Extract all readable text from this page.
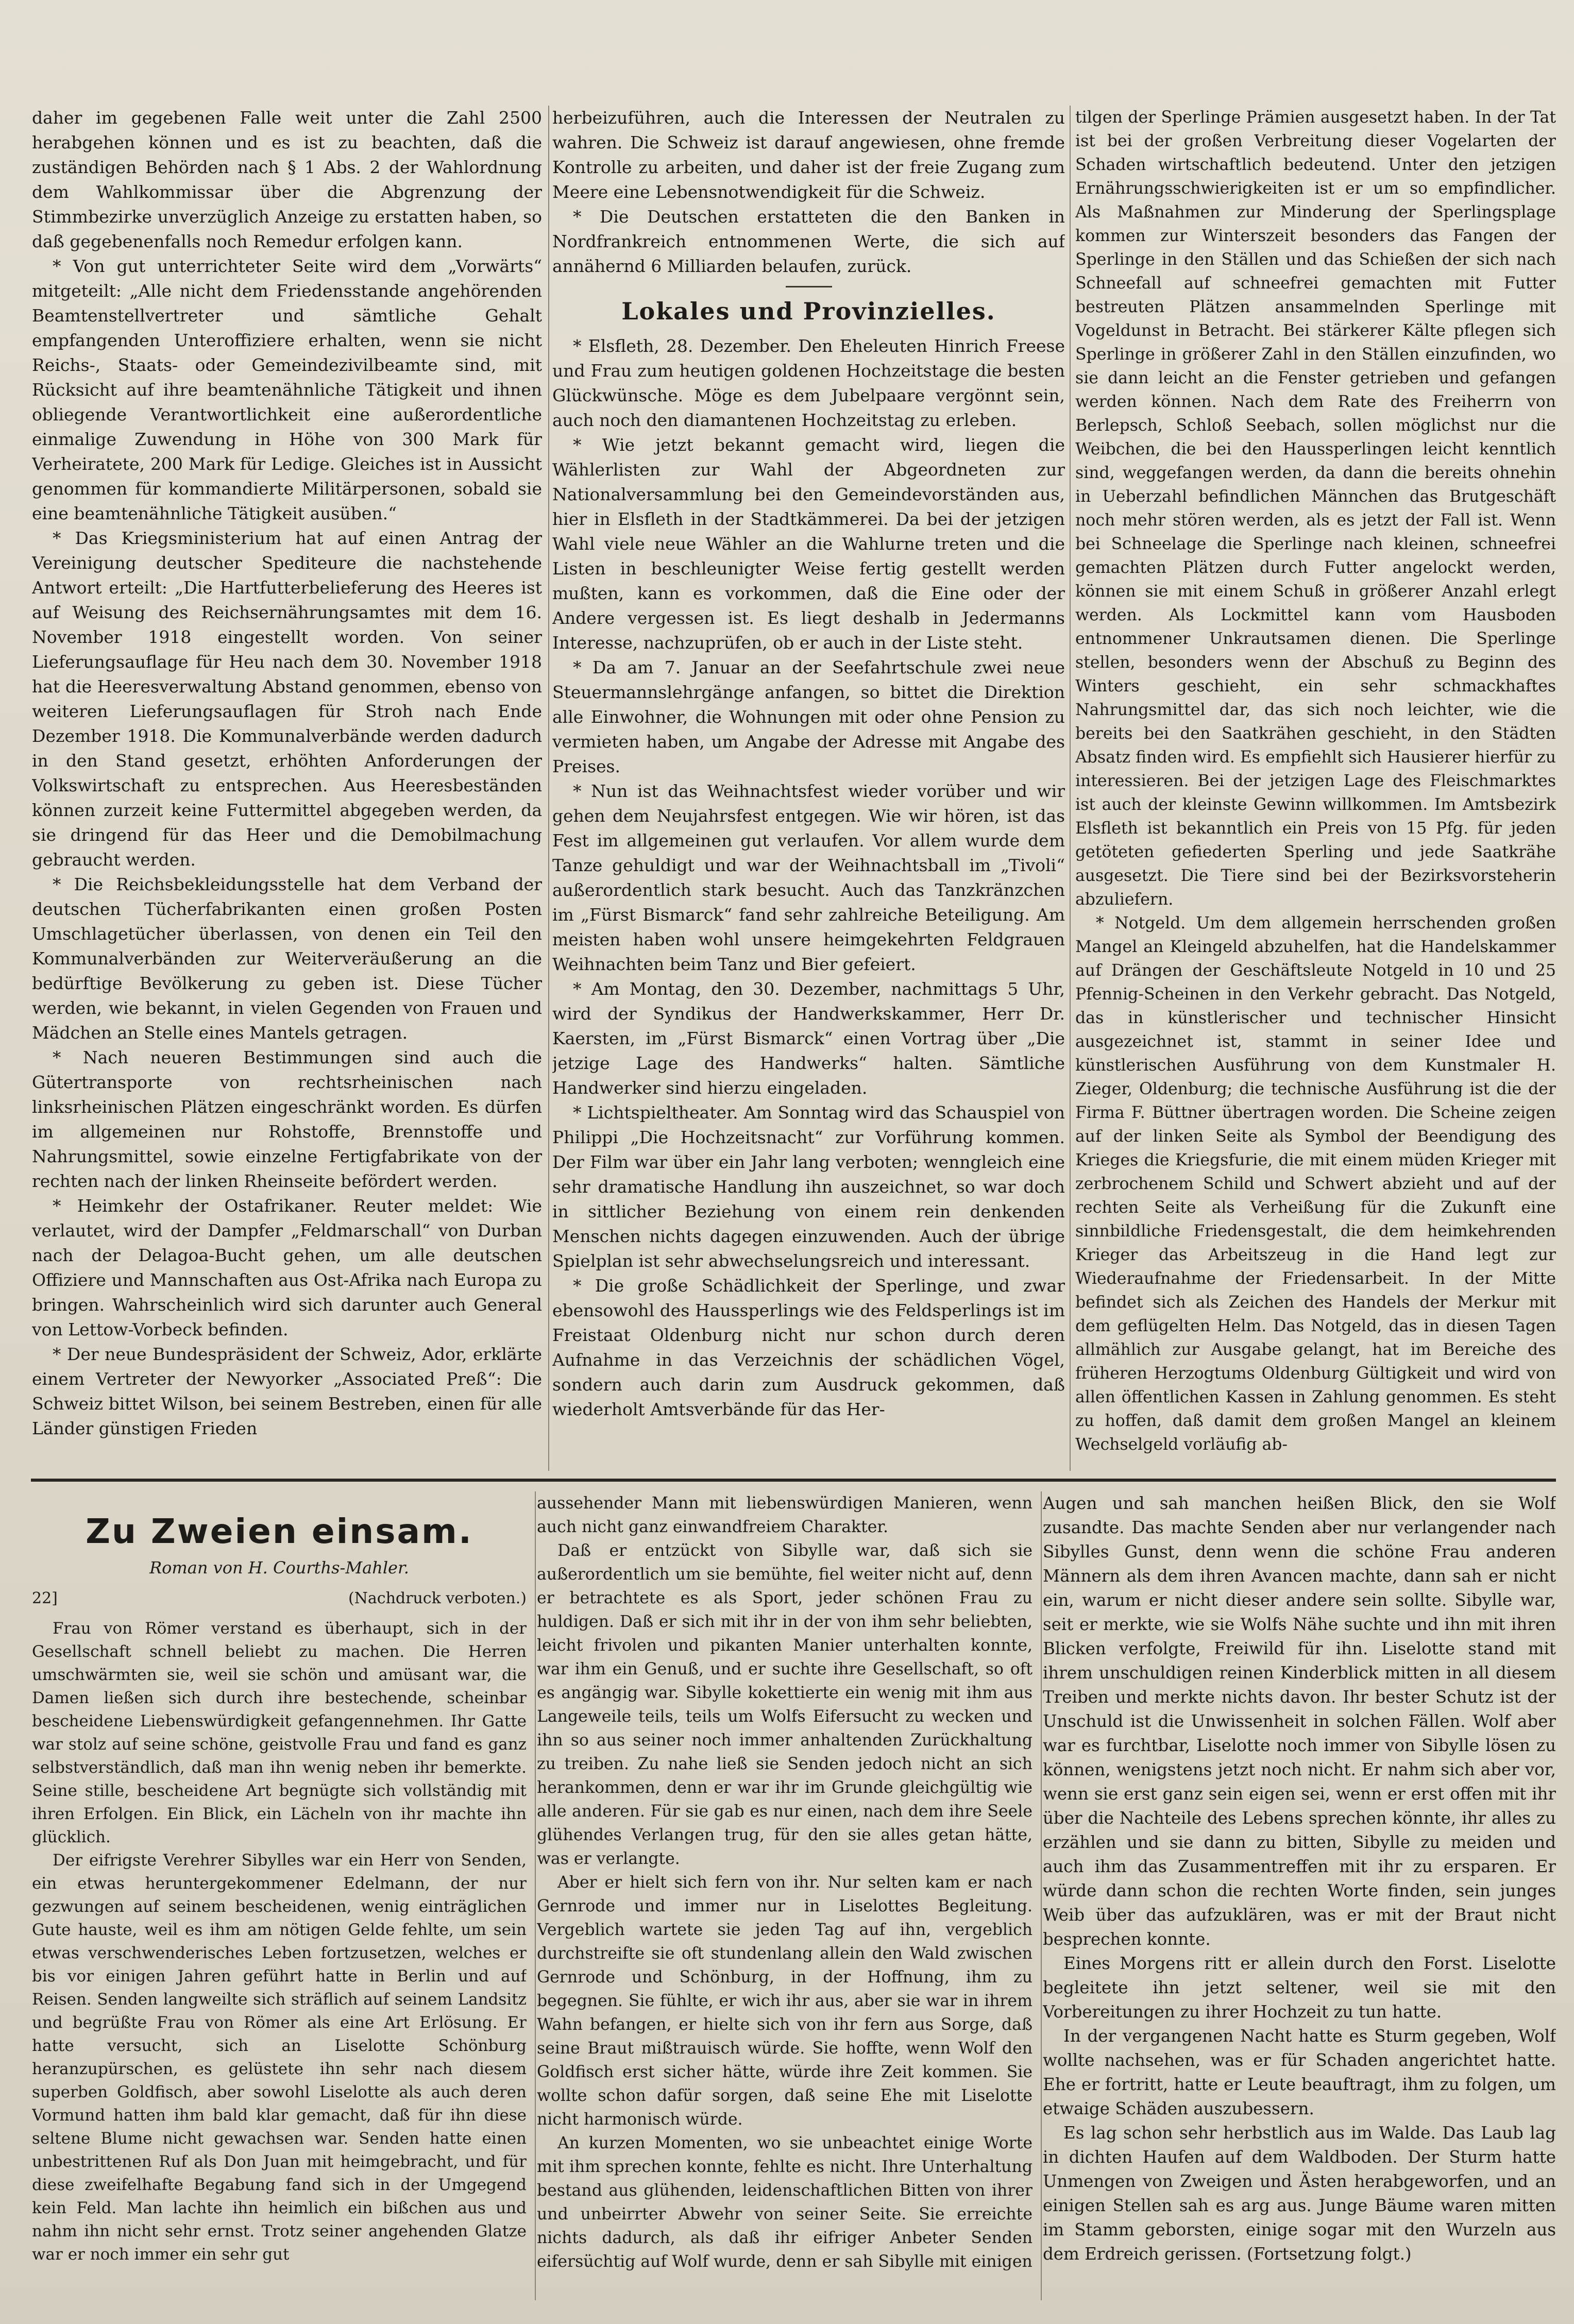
daher im gegebenen Falle weit unter die Zahl 2500 herabgehen können und es ist zu beachten, daß die zuständigen Behörden nach § 1 Abs. 2 der Wahlordnung dem Wahlkommissar über die Abgrenzung der Stimmbezirke unverzüglich Anzeige zu erstatten haben, so daß gegebenenfalls noch Remedur erfolgen kann.

* Von gut unterrichteter Seite wird dem „Vorwärts“ mitgeteilt: „Alle nicht dem Friedensstande angehörenden Beamtenstellvertreter und sämtliche Gehalt empfangenden Unteroffiziere erhalten, wenn sie nicht Reichs-, Staats- oder Gemeindezivilbeamte sind, mit Rücksicht auf ihre beamtenähnliche Tätigkeit und ihnen obliegende Verantwortlichkeit eine außerordentliche einmalige Zuwendung in Höhe von 300 Mark für Verheiratete, 200 Mark für Ledige. Gleiches ist in Aussicht genommen für kommandierte Militärpersonen, sobald sie eine beamtenähnliche Tätigkeit ausüben.“

* Das Kriegsministerium hat auf einen Antrag der Vereinigung deutscher Spediteure die nachstehende Antwort erteilt: „Die Hartfutterbelieferung des Heeres ist auf Weisung des Reichsernährungsamtes mit dem 16. November 1918 eingestellt worden. Von seiner Lieferungsauflage für Heu nach dem 30. November 1918 hat die Heeresverwaltung Abstand genommen, ebenso von weiteren Lieferungsauflagen für Stroh nach Ende Dezember 1918. Die Kommunalverbände werden dadurch in den Stand gesetzt, erhöhten Anforderungen der Volkswirtschaft zu entsprechen. Aus Heeresbeständen können zurzeit keine Futtermittel abgegeben werden, da sie dringend für das Heer und die Demobilmachung gebraucht werden.

* Die Reichsbekleidungsstelle hat dem Verband der deutschen Tücherfabrikanten einen großen Posten Umschlagetücher überlassen, von denen ein Teil den Kommunalverbänden zur Weiterveräußerung an die bedürftige Bevölkerung zu geben ist. Diese Tücher werden, wie bekannt, in vielen Gegenden von Frauen und Mädchen an Stelle eines Mantels getragen.

* Nach neueren Bestimmungen sind auch die Gütertransporte von rechtsrheinischen nach linksrheinischen Plätzen eingeschränkt worden. Es dürfen im allgemeinen nur Rohstoffe, Brennstoffe und Nahrungsmittel, sowie einzelne Fertigfabrikate von der rechten nach der linken Rheinseite befördert werden.

* Heimkehr der Ostafrikaner. Reuter meldet: Wie verlautet, wird der Dampfer „Feldmarschall“ von Durban nach der Delagoa-Bucht gehen, um alle deutschen Offiziere und Mannschaften aus Ost-Afrika nach Europa zu bringen. Wahrscheinlich wird sich darunter auch General von Lettow-Vorbeck befinden.

* Der neue Bundespräsident der Schweiz, Ador, erklärte einem Vertreter der Newyorker „Associated Preß“: Die Schweiz bittet Wilson, bei seinem Bestreben, einen für alle Länder günstigen Frieden

herbeizuführen, auch die Interessen der Neutralen zu wahren. Die Schweiz ist darauf angewiesen, ohne fremde Kontrolle zu arbeiten, und daher ist der freie Zugang zum Meere eine Lebensnotwendigkeit für die Schweiz.

* Die Deutschen erstatteten die den Banken in Nordfrankreich entnommenen Werte, die sich auf annähernd 6 Milliarden belaufen, zurück.

Lokales und Provinzielles.

* Elsfleth, 28. Dezember. Den Eheleuten Hinrich Freese und Frau zum heutigen goldenen Hochzeitstage die besten Glückwünsche. Möge es dem Jubelpaare vergönnt sein, auch noch den diamantenen Hochzeitstag zu erleben.

* Wie jetzt bekannt gemacht wird, liegen die Wählerlisten zur Wahl der Abgeordneten zur Nationalversammlung bei den Gemeindevorständen aus, hier in Elsfleth in der Stadtkämmerei. Da bei der jetzigen Wahl viele neue Wähler an die Wahlurne treten und die Listen in beschleunigter Weise fertig gestellt werden mußten, kann es vorkommen, daß die Eine oder der Andere vergessen ist. Es liegt deshalb in Jedermanns Interesse, nachzuprüfen, ob er auch in der Liste steht.

* Da am 7. Januar an der Seefahrtschule zwei neue Steuermannslehrgänge anfangen, so bittet die Direktion alle Einwohner, die Wohnungen mit oder ohne Pension zu vermieten haben, um Angabe der Adresse mit Angabe des Preises.

* Nun ist das Weihnachtsfest wieder vorüber und wir gehen dem Neujahrsfest entgegen. Wie wir hören, ist das Fest im allgemeinen gut verlaufen. Vor allem wurde dem Tanze gehuldigt und war der Weihnachtsball im „Tivoli“ außerordentlich stark besucht. Auch das Tanzkränzchen im „Fürst Bismarck“ fand sehr zahlreiche Beteiligung. Am meisten haben wohl unsere heimgekehrten Feldgrauen Weihnachten beim Tanz und Bier gefeiert.

* Am Montag, den 30. Dezember, nachmittags 5 Uhr, wird der Syndikus der Handwerkskammer, Herr Dr. Kaersten, im „Fürst Bismarck“ einen Vortrag über „Die jetzige Lage des Handwerks“ halten. Sämtliche Handwerker sind hierzu eingeladen.

* Lichtspieltheater. Am Sonntag wird das Schauspiel von Philippi „Die Hochzeitsnacht“ zur Vorführung kommen. Der Film war über ein Jahr lang verboten; wenngleich eine sehr dramatische Handlung ihn auszeichnet, so war doch in sittlicher Beziehung von einem rein denkenden Menschen nichts dagegen einzuwenden. Auch der übrige Spielplan ist sehr abwechselungsreich und interessant.

* Die große Schädlichkeit der Sperlinge, und zwar ebensowohl des Haussperlings wie des Feldsperlings ist im Freistaat Oldenburg nicht nur schon durch deren Aufnahme in das Verzeichnis der schädlichen Vögel, sondern auch darin zum Ausdruck gekommen, daß wiederholt Amtsverbände für das Her-

tilgen der Sperlinge Prämien ausgesetzt haben. In der Tat ist bei der großen Verbreitung dieser Vogelarten der Schaden wirtschaftlich bedeutend. Unter den jetzigen Ernährungsschwierigkeiten ist er um so empfindlicher. Als Maßnahmen zur Minderung der Sperlingsplage kommen zur Winterszeit besonders das Fangen der Sperlinge in den Ställen und das Schießen der sich nach Schneefall auf schneefrei gemachten mit Futter bestreuten Plätzen ansammelnden Sperlinge mit Vogeldunst in Betracht. Bei stärkerer Kälte pflegen sich Sperlinge in größerer Zahl in den Ställen einzufinden, wo sie dann leicht an die Fenster getrieben und gefangen werden können. Nach dem Rate des Freiherrn von Berlepsch, Schloß Seebach, sollen möglichst nur die Weibchen, die bei den Haussperlingen leicht kenntlich sind, weggefangen werden, da dann die bereits ohnehin in Ueberzahl befindlichen Männchen das Brutgeschäft noch mehr stören werden, als es jetzt der Fall ist. Wenn bei Schneelage die Sperlinge nach kleinen, schneefrei gemachten Plätzen durch Futter angelockt werden, können sie mit einem Schuß in größerer Anzahl erlegt werden. Als Lockmittel kann vom Hausboden entnommener Unkrautsamen dienen. Die Sperlinge stellen, besonders wenn der Abschuß zu Beginn des Winters geschieht, ein sehr schmackhaftes Nahrungsmittel dar, das sich noch leichter, wie die bereits bei den Saatkrähen geschieht, in den Städten Absatz finden wird. Es empfiehlt sich Hausierer hierfür zu interessieren. Bei der jetzigen Lage des Fleischmarktes ist auch der kleinste Gewinn willkommen. Im Amtsbezirk Elsfleth ist bekanntlich ein Preis von 15 Pfg. für jeden getöteten gefiederten Sperling und jede Saatkrähe ausgesetzt. Die Tiere sind bei der Bezirksvorsteherin abzuliefern.

* Notgeld. Um dem allgemein herrschenden großen Mangel an Kleingeld abzuhelfen, hat die Handelskammer auf Drängen der Geschäftsleute Notgeld in 10 und 25 Pfennig-Scheinen in den Verkehr gebracht. Das Notgeld, das in künstlerischer und technischer Hinsicht ausgezeichnet ist, stammt in seiner Idee und künstlerischen Ausführung von dem Kunstmaler H. Zieger, Oldenburg; die technische Ausführung ist die der Firma F. Büttner übertragen worden. Die Scheine zeigen auf der linken Seite als Symbol der Beendigung des Krieges die Kriegsfurie, die mit einem müden Krieger mit zerbrochenem Schild und Schwert abzieht und auf der rechten Seite als Verheißung für die Zukunft eine sinnbildliche Friedensgestalt, die dem heimkehrenden Krieger das Arbeitszeug in die Hand legt zur Wiederaufnahme der Friedensarbeit. In der Mitte befindet sich als Zeichen des Handels der Merkur mit dem geflügelten Helm. Das Notgeld, das in diesen Tagen allmählich zur Ausgabe gelangt, hat im Bereiche des früheren Herzogtums Oldenburg Gültigkeit und wird von allen öffentlichen Kassen in Zahlung genommen. Es steht zu hoffen, daß damit dem großen Mangel an kleinem Wechselgeld vorläufig ab-

Zu Zweien einsam.
Roman von H. Courths-Mahler.
22]	(Nachdruck verboten.)

Frau von Römer verstand es überhaupt, sich in der Gesellschaft schnell beliebt zu machen. Die Herren umschwärmten sie, weil sie schön und amüsant war, die Damen ließen sich durch ihre bestechende, scheinbar bescheidene Liebenswürdigkeit gefangennehmen. Ihr Gatte war stolz auf seine schöne, geistvolle Frau und fand es ganz selbstverständlich, daß man ihn wenig neben ihr bemerkte. Seine stille, bescheidene Art begnügte sich vollständig mit ihren Erfolgen. Ein Blick, ein Lächeln von ihr machte ihn glücklich.

Der eifrigste Verehrer Sibylles war ein Herr von Senden, ein etwas heruntergekommener Edelmann, der nur gezwungen auf seinem bescheidenen, wenig einträglichen Gute hauste, weil es ihm am nötigen Gelde fehlte, um sein etwas verschwenderisches Leben fortzusetzen, welches er bis vor einigen Jahren geführt hatte in Berlin und auf Reisen. Senden langweilte sich sträflich auf seinem Landsitz und begrüßte Frau von Römer als eine Art Erlösung. Er hatte versucht, sich an Liselotte Schönburg heranzupürschen, es gelüstete ihn sehr nach diesem superben Goldfisch, aber sowohl Liselotte als auch deren Vormund hatten ihm bald klar gemacht, daß für ihn diese seltene Blume nicht gewachsen war. Senden hatte einen unbestrittenen Ruf als Don Juan mit heimgebracht, und für diese zweifelhafte Begabung fand sich in der Umgegend kein Feld. Man lachte ihn heimlich ein bißchen aus und nahm ihn nicht sehr ernst. Trotz seiner angehenden Glatze war er noch immer ein sehr gut

aussehender Mann mit liebenswürdigen Manieren, wenn auch nicht ganz einwandfreiem Charakter.

Daß er entzückt von Sibylle war, daß sich sie außerordentlich um sie bemühte, fiel weiter nicht auf, denn er betrachtete es als Sport, jeder schönen Frau zu huldigen. Daß er sich mit ihr in der von ihm sehr beliebten, leicht frivolen und pikanten Manier unterhalten konnte, war ihm ein Genuß, und er suchte ihre Gesellschaft, so oft es angängig war. Sibylle kokettierte ein wenig mit ihm aus Langeweile teils, teils um Wolfs Eifersucht zu wecken und ihn so aus seiner noch immer anhaltenden Zurückhaltung zu treiben. Zu nahe ließ sie Senden jedoch nicht an sich herankommen, denn er war ihr im Grunde gleichgültig wie alle anderen. Für sie gab es nur einen, nach dem ihre Seele glühendes Verlangen trug, für den sie alles getan hätte, was er verlangte.

Aber er hielt sich fern von ihr. Nur selten kam er nach Gernrode und immer nur in Liselottes Begleitung. Vergeblich wartete sie jeden Tag auf ihn, vergeblich durchstreifte sie oft stundenlang allein den Wald zwischen Gernrode und Schönburg, in der Hoffnung, ihm zu begegnen. Sie fühlte, er wich ihr aus, aber sie war in ihrem Wahn befangen, er hielte sich von ihr fern aus Sorge, daß seine Braut mißtrauisch würde. Sie hoffte, wenn Wolf den Goldfisch erst sicher hätte, würde ihre Zeit kommen. Sie wollte schon dafür sorgen, daß seine Ehe mit Liselotte nicht harmonisch würde.

An kurzen Momenten, wo sie unbeachtet einige Worte mit ihm sprechen konnte, fehlte es nicht. Ihre Unterhaltung bestand aus glühenden, leidenschaftlichen Bitten von ihrer und unbeirrter Abwehr von seiner Seite. Sie erreichte nichts dadurch, als daß ihr eifriger Anbeter Senden eifersüchtig auf Wolf wurde, denn er sah Sibylle mit einigen

Augen und sah manchen heißen Blick, den sie Wolf zusandte. Das machte Senden aber nur verlangender nach Sibylles Gunst, denn wenn die schöne Frau anderen Männern als dem ihren Avancen machte, dann sah er nicht ein, warum er nicht dieser andere sein sollte. Sibylle war, seit er merkte, wie sie Wolfs Nähe suchte und ihn mit ihren Blicken verfolgte, Freiwild für ihn. Liselotte stand mit ihrem unschuldigen reinen Kinderblick mitten in all diesem Treiben und merkte nichts davon. Ihr bester Schutz ist der Unschuld ist die Unwissenheit in solchen Fällen. Wolf aber war es furchtbar, Liselotte noch immer von Sibylle lösen zu können, wenigstens jetzt noch nicht. Er nahm sich aber vor, wenn sie erst ganz sein eigen sei, wenn er erst offen mit ihr über die Nachteile des Lebens sprechen könnte, ihr alles zu erzählen und sie dann zu bitten, Sibylle zu meiden und auch ihm das Zusammentreffen mit ihr zu ersparen. Er würde dann schon die rechten Worte finden, sein junges Weib über das aufzuklären, was er mit der Braut nicht besprechen konnte.

Eines Morgens ritt er allein durch den Forst. Liselotte begleitete ihn jetzt seltener, weil sie mit den Vorbereitungen zu ihrer Hochzeit zu tun hatte.

In der vergangenen Nacht hatte es Sturm gegeben, Wolf wollte nachsehen, was er für Schaden angerichtet hatte. Ehe er fortritt, hatte er Leute beauftragt, ihm zu folgen, um etwaige Schäden auszubessern.

Es lag schon sehr herbstlich aus im Walde. Das Laub lag in dichten Haufen auf dem Waldboden. Der Sturm hatte Unmengen von Zweigen und Ästen herabgeworfen, und an einigen Stellen sah es arg aus. Junge Bäume waren mitten im Stamm geborsten, einige sogar mit den Wurzeln aus dem Erdreich gerissen. (Fortsetzung folgt.)
